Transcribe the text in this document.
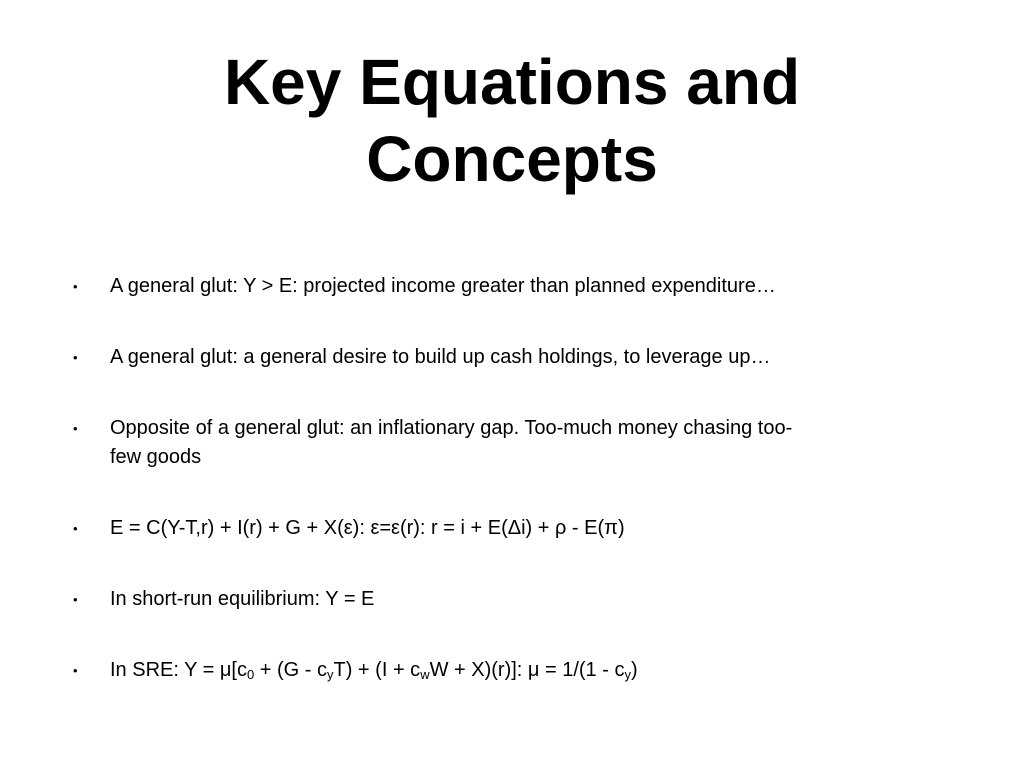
Key Equations and
Concepts
• A general glut: Y > E: projected income greater than planned expenditure…
• A general glut: a general desire to build up cash holdings, to leverage up…
• Opposite of a general glut: an inflationary gap. Too-much money chasing too-
few goods
• E = C(Y-T,r) + I(r) + G + X(ε): ε=ε(r): r = i + E(Δi) + ρ - E(π)
• In short-run equilibrium: Y = E
• In SRE: $Y = \mu[c_0 + (G - c_yT) + (I + c_wW + X)(r)]$: $\mu = 1/(1 - c_y)$
